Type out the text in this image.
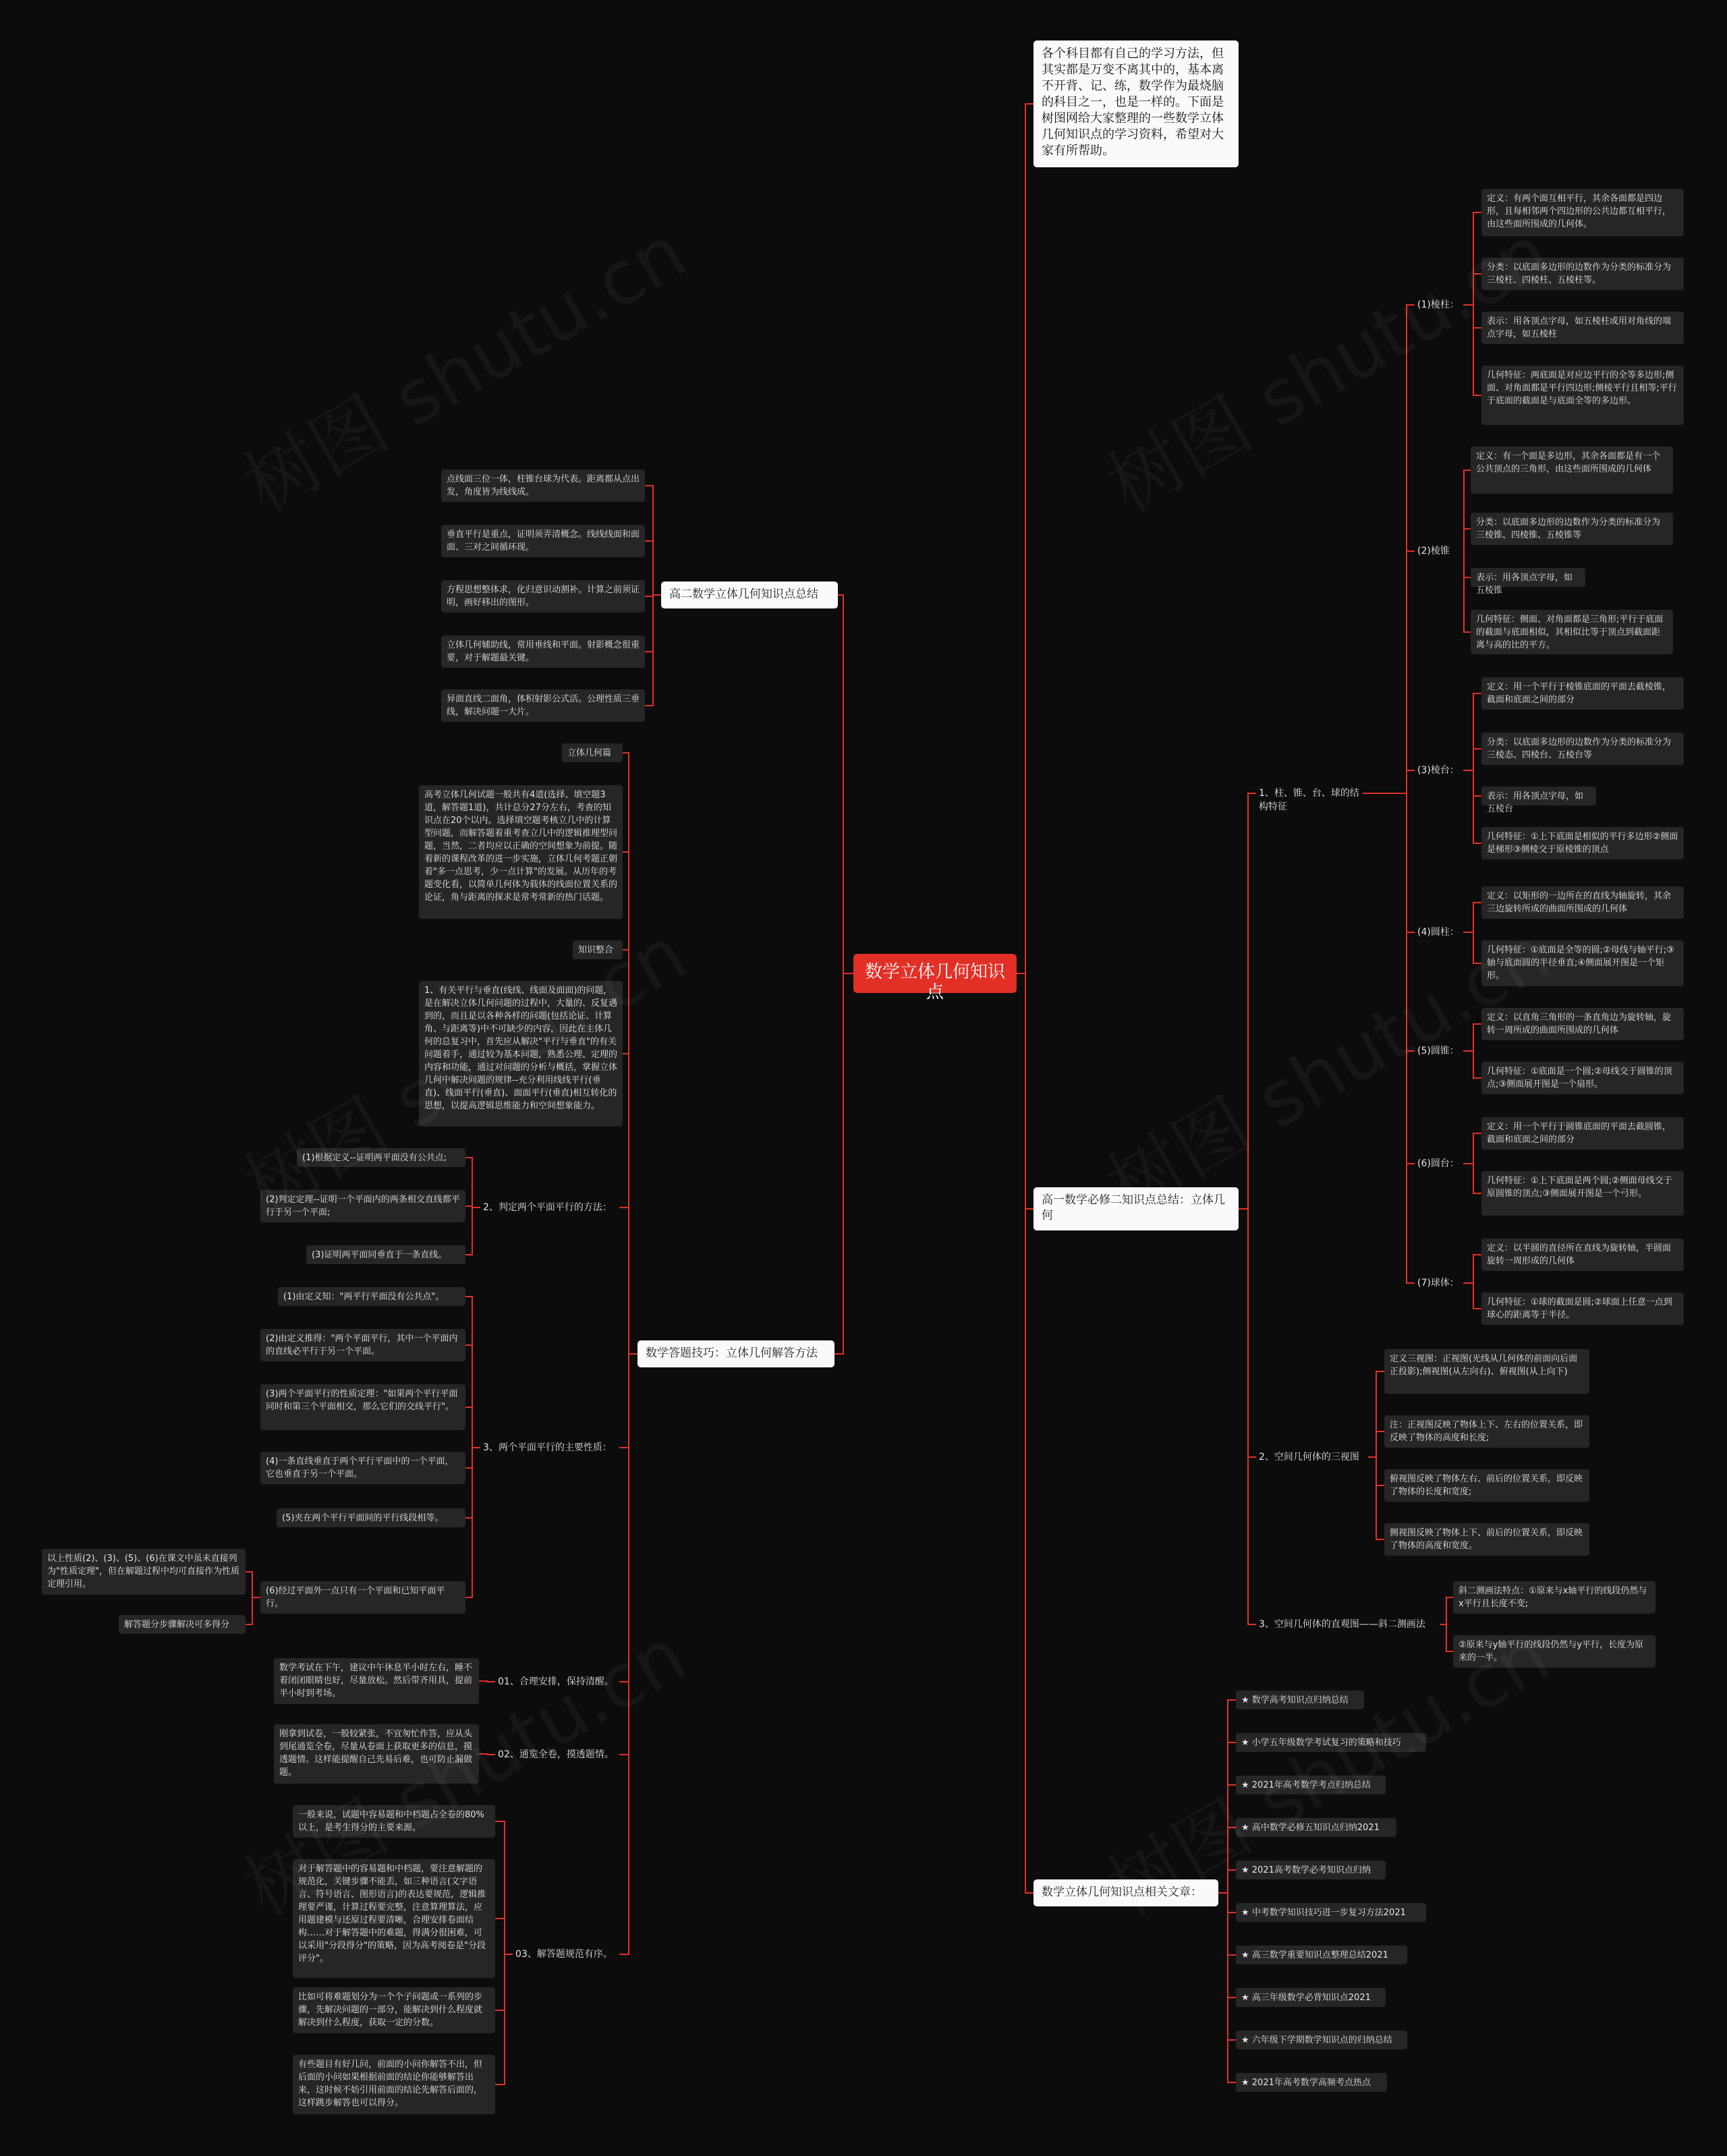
数学立体几何知识点
各个科目都有自己的学习方法，但其实都是万变不离其中的，基本离不开背、记、练，数学作为最烧脑的科目之一，也是一样的。下面是树图网给大家整理的一些数学立体几何知识点的学习资料，希望对大家有所帮助。
高一数学必修二知识点总结：立体几何
1、柱、锥、台、球的结构特征
(1)棱柱：
定义：有两个面互相平行，其余各面都是四边形，且每相邻两个四边形的公共边都互相平行，由这些面所围成的几何体。
分类：以底面多边形的边数作为分类的标准分为三棱柱、四棱柱、五棱柱等。
表示：用各顶点字母，如五棱柱或用对角线的端点字母，如五棱柱
几何特征：两底面是对应边平行的全等多边形;侧面、对角面都是平行四边形;侧棱平行且相等;平行于底面的截面是与底面全等的多边形。
(2)棱锥
定义：有一个面是多边形，其余各面都是有一个公共顶点的三角形，由这些面所围成的几何体
分类：以底面多边形的边数作为分类的标准分为三棱锥、四棱锥、五棱锥等
表示：用各顶点字母，如五棱锥
几何特征：侧面、对角面都是三角形;平行于底面的截面与底面相似，其相似比等于顶点到截面距离与高的比的平方。
(3)棱台：
定义：用一个平行于棱锥底面的平面去截棱锥，截面和底面之间的部分
分类：以底面多边形的边数作为分类的标准分为三棱态、四棱台、五棱台等
表示：用各顶点字母，如五棱台
几何特征：①上下底面是相似的平行多边形②侧面是梯形③侧棱交于原棱锥的顶点
(4)圆柱：
定义：以矩形的一边所在的直线为轴旋转，其余三边旋转所成的曲面所围成的几何体
几何特征：①底面是全等的圆;②母线与轴平行;③轴与底面圆的半径垂直;④侧面展开图是一个矩形。
(5)圆锥：
定义：以直角三角形的一条直角边为旋转轴，旋转一周所成的曲面所围成的几何体
几何特征：①底面是一个圆;②母线交于圆锥的顶点;③侧面展开图是一个扇形。
(6)圆台：
定义：用一个平行于圆锥底面的平面去截圆锥，截面和底面之间的部分
几何特征：①上下底面是两个圆;②侧面母线交于原圆锥的顶点;③侧面展开图是一个弓形。
(7)球体：
定义：以半圆的直径所在直线为旋转轴，半圆面旋转一周形成的几何体
几何特征：①球的截面是圆;②球面上任意一点到球心的距离等于半径。
2、空间几何体的三视图
定义三视图：正视图(光线从几何体的前面向后面正投影);侧视图(从左向右)、俯视图(从上向下)
注：正视图反映了物体上下、左右的位置关系，即反映了物体的高度和长度;
俯视图反映了物体左右、前后的位置关系，即反映了物体的长度和宽度;
侧视图反映了物体上下、前后的位置关系，即反映了物体的高度和宽度。
3、空间几何体的直观图——斜二测画法
斜二测画法特点：①原来与x轴平行的线段仍然与x平行且长度不变;
②原来与y轴平行的线段仍然与y平行，长度为原来的一半。
数学立体几何知识点相关文章：
★ 数学高考知识点归纳总结
★ 小学五年级数学考试复习的策略和技巧
★ 2021年高考数学考点归纳总结
★ 高中数学必修五知识点归纳2021
★ 2021高考数学必考知识点归纳
★ 中考数学知识技巧进一步复习方法2021
★ 高三数学重要知识点整理总结2021
★ 高三年级数学必背知识点2021
★ 六年级下学期数学知识点的归纳总结
★ 2021年高考数学高频考点热点
高二数学立体几何知识点总结
点线面三位一体，柱锥台球为代表。距离都从点出发，角度皆为线线成。
垂直平行是重点，证明须弄清概念。线线线面和面面、三对之间循环现。
方程思想整体求，化归意识动割补。计算之前须证明，画好移出的图形。
立体几何辅助线，常用垂线和平面。射影概念很重要，对于解题最关键。
异面直线二面角，体积射影公式活。公理性质三垂线，解决问题一大片。
数学答题技巧：立体几何解答方法
立体几何篇
高考立体几何试题一般共有4道(选择、填空题3道，解答题1道)，共计总分27分左右，考查的知识点在20个以内。选择填空题考核立几中的计算型问题，而解答题着重考查立几中的逻辑推理型问题，当然，二者均应以正确的空间想象为前提。随着新的课程改革的进一步实施，立体几何考题正朝着"多一点思考，少一点计算"的发展。从历年的考题变化看，以简单几何体为载体的线面位置关系的论证，角与距离的探求是常考常新的热门话题。
知识整合
1、有关平行与垂直(线线、线面及面面)的问题，是在解决立体几何问题的过程中，大量的、反复遇到的，而且是以各种各样的问题(包括论证、计算角、与距离等)中不可缺少的内容，因此在主体几何的总复习中，首先应从解决"平行与垂直"的有关问题着手，通过较为基本问题，熟悉公理、定理的内容和功能，通过对问题的分析与概括，掌握立体几何中解决问题的规律--充分利用线线平行(垂直)、线面平行(垂直)、面面平行(垂直)相互转化的思想，以提高逻辑思维能力和空间想象能力。
2、判定两个平面平行的方法：
(1)根据定义--证明两平面没有公共点;
(2)判定定理--证明一个平面内的两条相交直线都平行于另一个平面;
(3)证明两平面同垂直于一条直线。
3、两个平面平行的主要性质：
(1)由定义知："两平行平面没有公共点"。
(2)由定义推得："两个平面平行，其中一个平面内的直线必平行于另一个平面。
(3)两个平面平行的性质定理："如果两个平行平面同时和第三个平面相交，那么它们的交线平行"。
(4)一条直线垂直于两个平行平面中的一个平面，它也垂直于另一个平面。
(5)夹在两个平行平面间的平行线段相等。
(6)经过平面外一点只有一个平面和已知平面平行。
以上性质(2)、(3)、(5)、(6)在课文中虽未直接列为"性质定理"，但在解题过程中均可直接作为性质定理引用。
解答题分步骤解决可多得分
01、合理安排，保持清醒。
数学考试在下午，建议中午休息半小时左右，睡不着闭闭眼睛也好，尽量放松。然后带齐用具，提前半小时到考场。
02、通览全卷，摸透题情。
刚拿到试卷，一般较紧张，不宜匆忙作答，应从头到尾通览全卷，尽量从卷面上获取更多的信息，摸透题情。这样能提醒自己先易后难，也可防止漏做题。
03、解答题规范有序。
一般来说，试题中容易题和中档题占全卷的80%以上，是考生得分的主要来源。
对于解答题中的容易题和中档题，要注意解题的规范化，关键步骤不能丢，如三种语言(文字语言、符号语言、图形语言)的表达要规范，逻辑推理要严谨，计算过程要完整，注意算理算法，应用题建模与还原过程要清晰，合理安排卷面结构……对于解答题中的难题，得满分很困难，可以采用"分段得分"的策略，因为高考阅卷是"分段评分"。
比如可将难题划分为一个个子问题或一系列的步骤，先解决问题的一部分，能解决到什么程度就解决到什么程度，获取一定的分数。
有些题目有好几问，前面的小问你解答不出，但后面的小问如果根据前面的结论你能够解答出来，这时候不妨引用前面的结论先解答后面的，这样跳步解答也可以得分。
